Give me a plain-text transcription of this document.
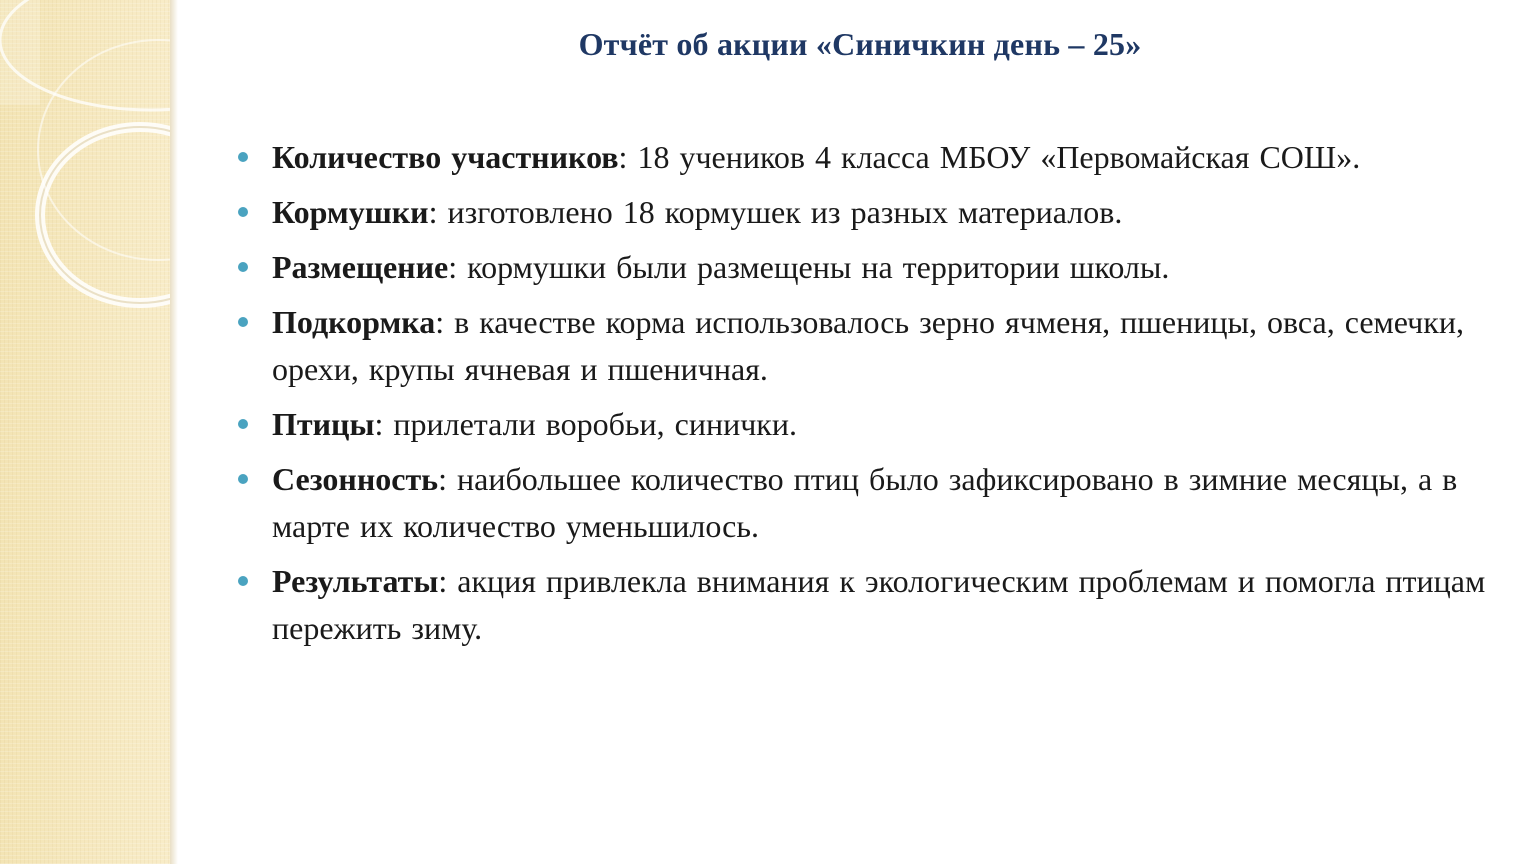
Отчёт об акции «Синичкин день – 25»
Количество участников: 18 учеников 4 класса МБОУ «Первомайская СОШ».
Кормушки: изготовлено 18 кормушек из разных материалов.
Размещение: кормушки были размещены на территории школы.
Подкормка: в качестве корма использовалось зерно ячменя, пшеницы, овса, семечки, орехи, крупы ячневая и пшеничная.
Птицы: прилетали воробьи, синички.
Сезонность: наибольшее количество птиц было зафиксировано в зимние месяцы, а в марте их количество уменьшилось.
Результаты: акция привлекла внимания к экологическим проблемам и помогла птицам пережить зиму.
